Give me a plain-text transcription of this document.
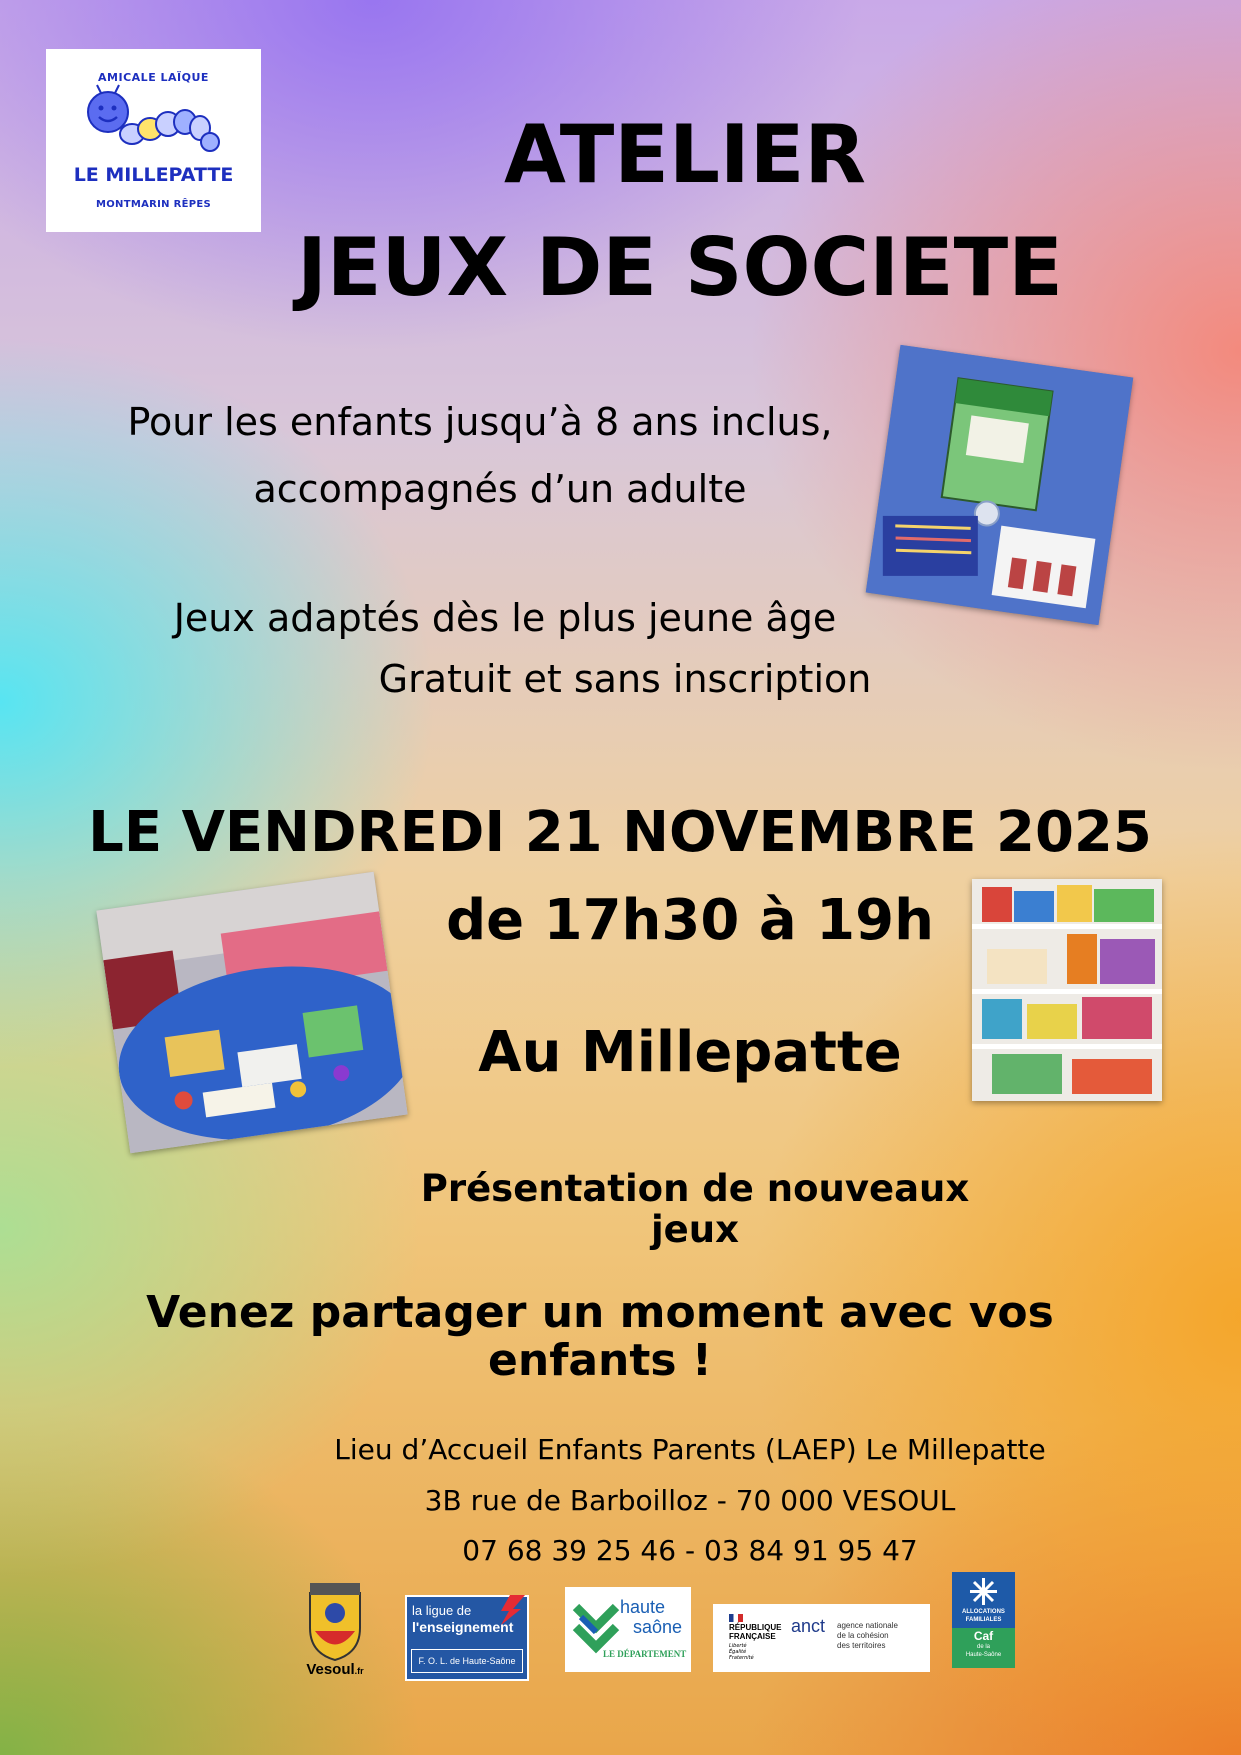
AMICALE LAÏQUE
LE MILLEPATTE
MONTMARIN RÊPES
ATELIER
JEUX DE SOCIETE
Pour les enfants jusqu’à 8 ans inclus,
accompagnés d’un adulte
Jeux adaptés dès le plus jeune âge
Gratuit et sans inscription
LE VENDREDI 21 NOVEMBRE 2025
de 17h30 à 19h
Au Millepatte
Présentation de nouveaux jeux
Venez partager un moment avec vos enfants !
Lieu d’Accueil Enfants Parents (LAEP) Le Millepatte
3B rue de Barboilloz - 70 000 VESOUL
07 68 39 25 46 - 03 84 91 95 47
Vesoul.fr
la ligue de
l'enseignement
F. O. L. de Haute-Saône
haute
saône
LE DÉPARTEMENT
RÉPUBLIQUE
FRANÇAISE
Liberté
Égalité
Fraternité
anct	agence nationale
de la cohésion
des territoires
ALLOCATIONS
FAMILIALES
Caf
de la
Haute-Saône
